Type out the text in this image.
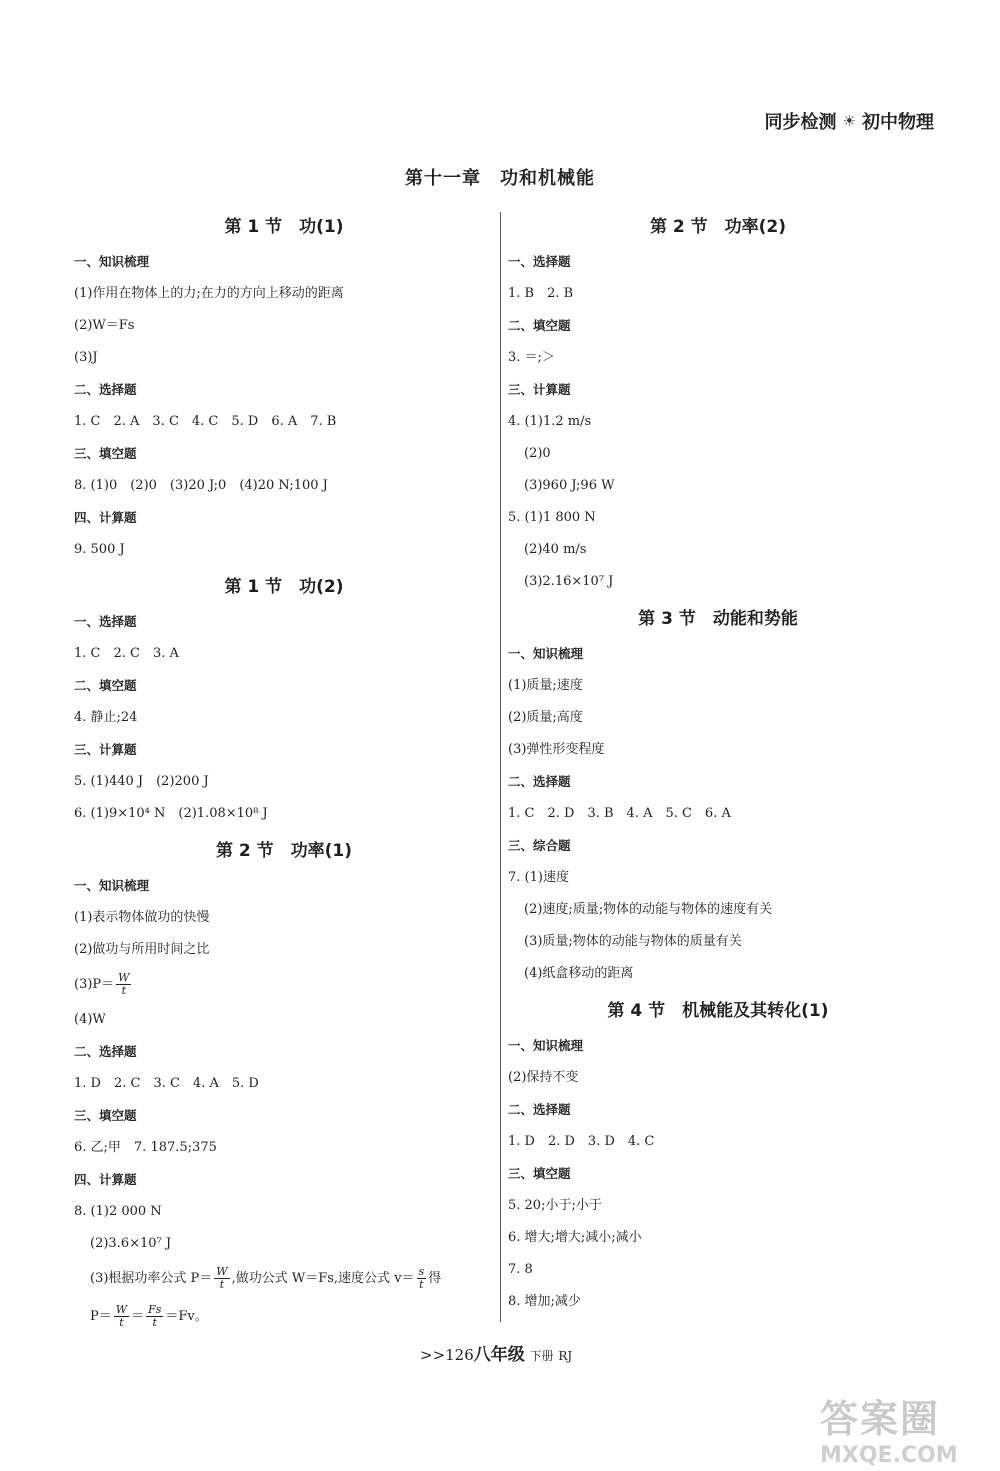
同步检测 ☀ 初中物理
第十一章　功和机械能
第 1 节　功(1)
一、知识梳理
(1)作用在物体上的力;在力的方向上移动的距离
(2)W＝Fs
(3)J
二、选择题
1. C　2. A　3. C　4. C　5. D　6. A　7. B
三、填空题
8. (1)0　(2)0　(3)20 J;0　(4)20 N;100 J
四、计算题
9. 500 J
第 1 节　功(2)
一、选择题
1. C　2. C　3. A
二、填空题
4. 静止;24
三、计算题
5. (1)440 J　(2)200 J
6. (1)9×10⁴ N　(2)1.08×10⁸ J
第 2 节　功率(1)
一、知识梳理
(1)表示物体做功的快慢
(2)做功与所用时间之比
$(3)P= \frac{W}{t}$
(4)W
二、选择题
1. D　2. C　3. C　4. A　5. D
三、填空题
6. 乙;甲　7. 187.5;375
四、计算题
8. (1)2 000 N
(2)3.6×10⁷ J
(3)根据功率公式 $P= \frac{W}{t}$ ,做功公式 W＝Fs,速度公式 $v= \frac{s}{t}$ 得
$P= \frac{W}{t} = \frac{Fs}{t} =Fv$。
第 2 节　功率(2)
一、选择题
1. B　2. B
二、填空题
3. ＝;＞
三、计算题
4. (1)1.2 m/s
(2)0
(3)960 J;96 W
5. (1)1 800 N
(2)40 m/s
(3)2.16×10⁷ J
第 3 节　动能和势能
一、知识梳理
(1)质量;速度
(2)质量;高度
(3)弹性形变程度
二、选择题
1. C　2. D　3. B　4. A　5. C　6. A
三、综合题
7. (1)速度
(2)速度;质量;物体的动能与物体的速度有关
(3)质量;物体的动能与物体的质量有关
(4)纸盒移动的距离
第 4 节　机械能及其转化(1)
一、知识梳理
(2)保持不变
二、选择题
1. D　2. D　3. D　4. C
三、填空题
5. 20;小于;小于
6. 增大;增大;减小;减小
7. 8
8. 增加;减少
>>126八年级 下册 RJ
答案圈
MXQE.COM
